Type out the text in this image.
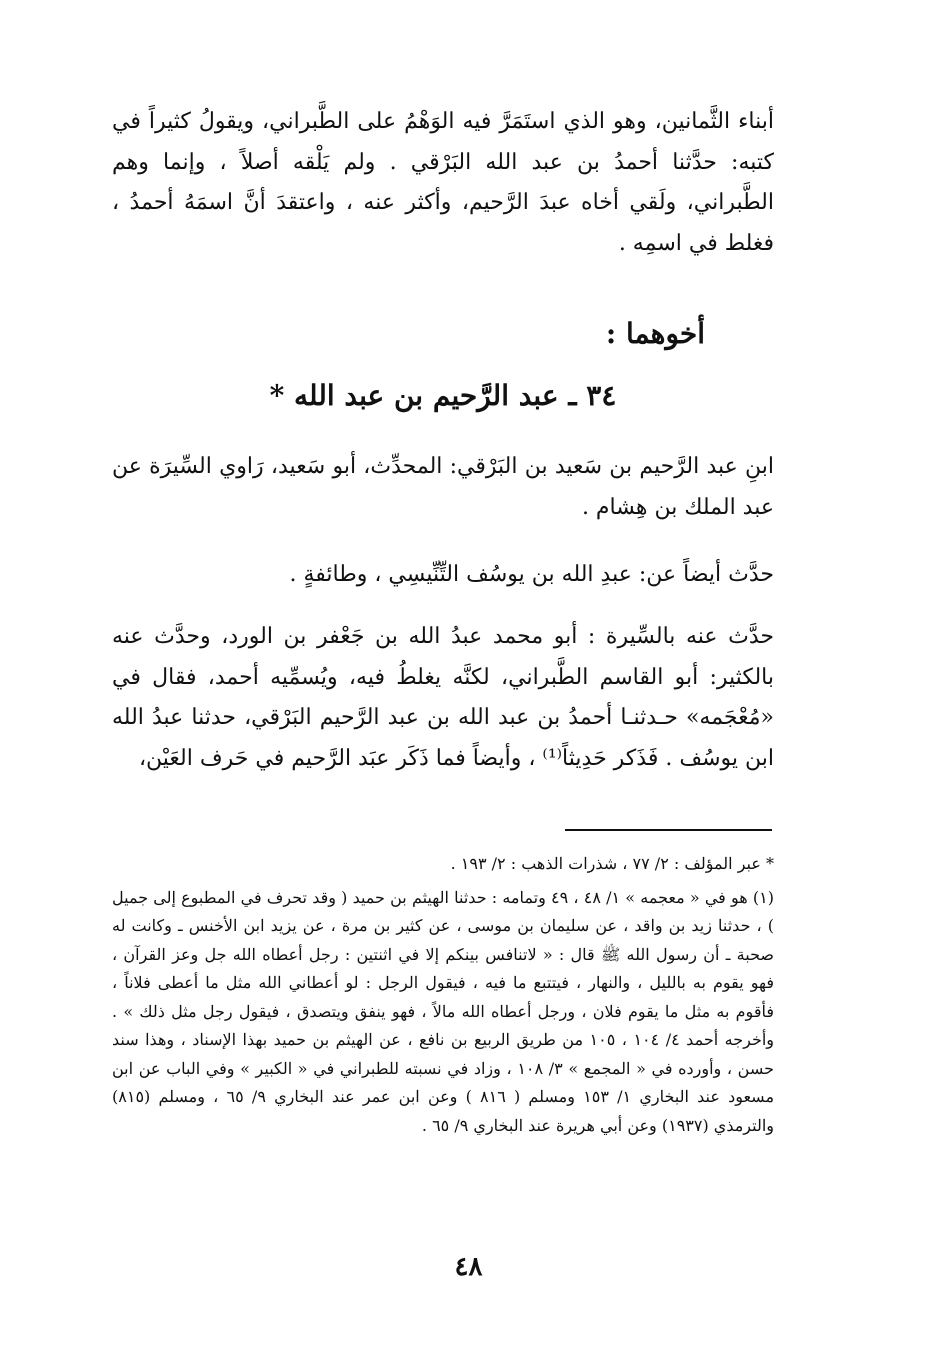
أبناء الثَّمانين، وهو الذي استَمَرَّ فيه الوَهْمُ على الطَّبراني، ويقولُ كثيراً في كتبه: حدَّثنا أحمدُ بن عبد الله البَرْقي . ولم يَلْقه أصلاً ، وإنما وهم الطَّبراني، ولَقي أخاه عبدَ الرَّحيم، وأكثر عنه ، واعتقدَ أنَّ اسمَهُ أحمدُ ، فغلط في اسمِه .

أخوهما :

٣٤ ـ عبد الرَّحيم بن عبد الله *

ابنِ عبد الرَّحيم بن سَعيد بن البَرْقي: المحدِّث، أبو سَعيد، رَاوي السِّيرَة عن عبد الملك بن هِشام .

حدَّث أيضاً عن: عبدِ الله بن يوسُف التِّنِّيسِي ، وطائفةٍ .

حدَّث عنه بالسِّيرة : أبو محمد عبدُ الله بن جَعْفر بن الورد، وحدَّث عنه بالكثير: أبو القاسم الطَّبراني، لكنَّه يغلطُ فيه، ويُسمِّيه أحمد، فقال في «مُعْجَمه» حـدثنـا أحمدُ بن عبد الله بن عبد الرَّحيم البَرْقي، حدثنا عبدُ الله ابن يوسُف . فَذَكر حَدِيثاً⁽¹⁾ ، وأيضاً فما ذَكَر عبَد الرَّحيم في حَرف العَيْن،

* عبر المؤلف : ٢/ ٧٧ ، شذرات الذهب : ٢/ ١٩٣ .

(١) هو في « معجمه » ١/ ٤٨ ، ٤٩ وتمامه : حدثنا الهيثم بن حميد ( وقد تحرف في المطبوع إلى جميل ) ، حدثنا زيد بن واقد ، عن سليمان بن موسى ، عن كثير بن مرة ، عن يزيد ابن الأخنس ـ وكانت له صحبة ـ أن رسول الله ﷺ قال : « لاتنافس بينكم إلا في اثنتين : رجل أعطاه الله جل وعز القرآن ، فهو يقوم به بالليل ، والنهار ، فيتتبع ما فيه ، فيقول الرجل : لو أعطاني الله مثل ما أعطى فلاناً ، فأقوم به مثل ما يقوم فلان ، ورجل أعطاه الله مالاً ، فهو ينفق ويتصدق ، فيقول رجل مثل ذلك » . وأخرجه أحمد ٤/ ١٠٤ ، ١٠٥ من طريق الربيع بن نافع ، عن الهيثم بن حميد بهذا الإسناد ، وهذا سند حسن ، وأورده في « المجمع » ٣/ ١٠٨ ، وزاد في نسبته للطبراني في « الكبير » وفي الباب عن ابن مسعود عند البخاري ١/ ١٥٣ ومسلم ( ٨١٦ ) وعن ابن عمر عند البخاري ٩/ ٦٥ ، ومسلم (٨١٥) والترمذي (١٩٣٧) وعن أبي هريرة عند البخاري ٩/ ٦٥ .

٤٨
